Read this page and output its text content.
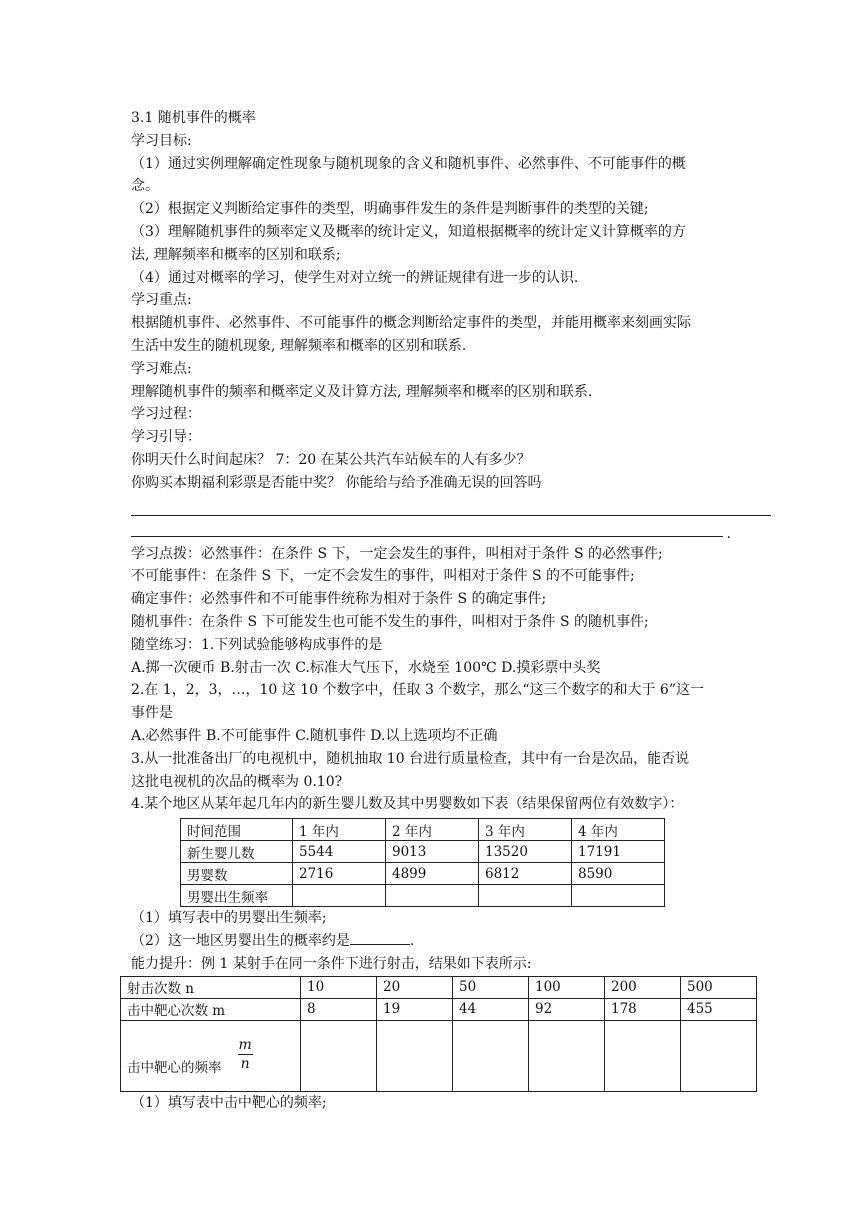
3.1 随机事件的概率
学习目标:
（1）通过实例理解确定性现象与随机现象的含义和随机事件、必然事件、不可能事件的概
念。
（2）根据定义判断给定事件的类型，明确事件发生的条件是判断事件的类型的关键;
（3）理解随机事件的频率定义及概率的统计定义，知道根据概率的统计定义计算概率的方
法, 理解频率和概率的区别和联系;
（4）通过对概率的学习，使学生对对立统一的辨证规律有进一步的认识.
学习重点:
根据随机事件、必然事件、不可能事件的概念判断给定事件的类型，并能用概率来刻画实际
生活中发生的随机现象, 理解频率和概率的区别和联系.
学习难点:
理解随机事件的频率和概率定义及计算方法, 理解频率和概率的区别和联系.
学习过程：
学习引导：
你明天什么时间起床？ 7：20 在某公共汽车站候车的人有多少？
你购买本期福利彩票是否能中奖？ 你能给与给予准确无误的回答吗
.
学习点拨：必然事件：在条件 S 下，一定会发生的事件，叫相对于条件 S 的必然事件;
不可能事件：在条件 S 下，一定不会发生的事件，叫相对于条件 S 的不可能事件;
确定事件：必然事件和不可能事件统称为相对于条件 S 的确定事件;
随机事件：在条件 S 下可能发生也可能不发生的事件，叫相对于条件 S 的随机事件;
随堂练习：1.下列试验能够构成事件的是
A.掷一次硬币 B.射击一次 C.标准大气压下，水烧至 100℃ D.摸彩票中头奖
2.在 1，2，3，…，10 这 10 个数字中，任取 3 个数字，那么“这三个数字的和大于 6”这一
事件是
A.必然事件 B.不可能事件 C.随机事件 D.以上选项均不正确
3.从一批准备出厂的电视机中，随机抽取 10 台进行质量检查，其中有一台是次品，能否说
这批电视机的次品的概率为 0.10?
4.某个地区从某年起几年内的新生婴儿数及其中男婴数如下表（结果保留两位有效数字）：
时间范围	1 年内	2 年内	3 年内	4 年内
新生婴儿数	5544	9013	13520	17191
男婴数	2716	4899	6812	8590
男婴出生频率				
（1）填写表中的男婴出生频率;
（2）这一地区男婴出生的概率约是	.
能力提升：例 1 某射手在同一条件下进行射击，结果如下表所示:
射击次数 n	10	20	50	100	200	500
击中靶心次数 m	8	19	44	92	178	455
击中靶心的频率 $\frac{m}{n}$

（1）填写表中击中靶心的频率;
